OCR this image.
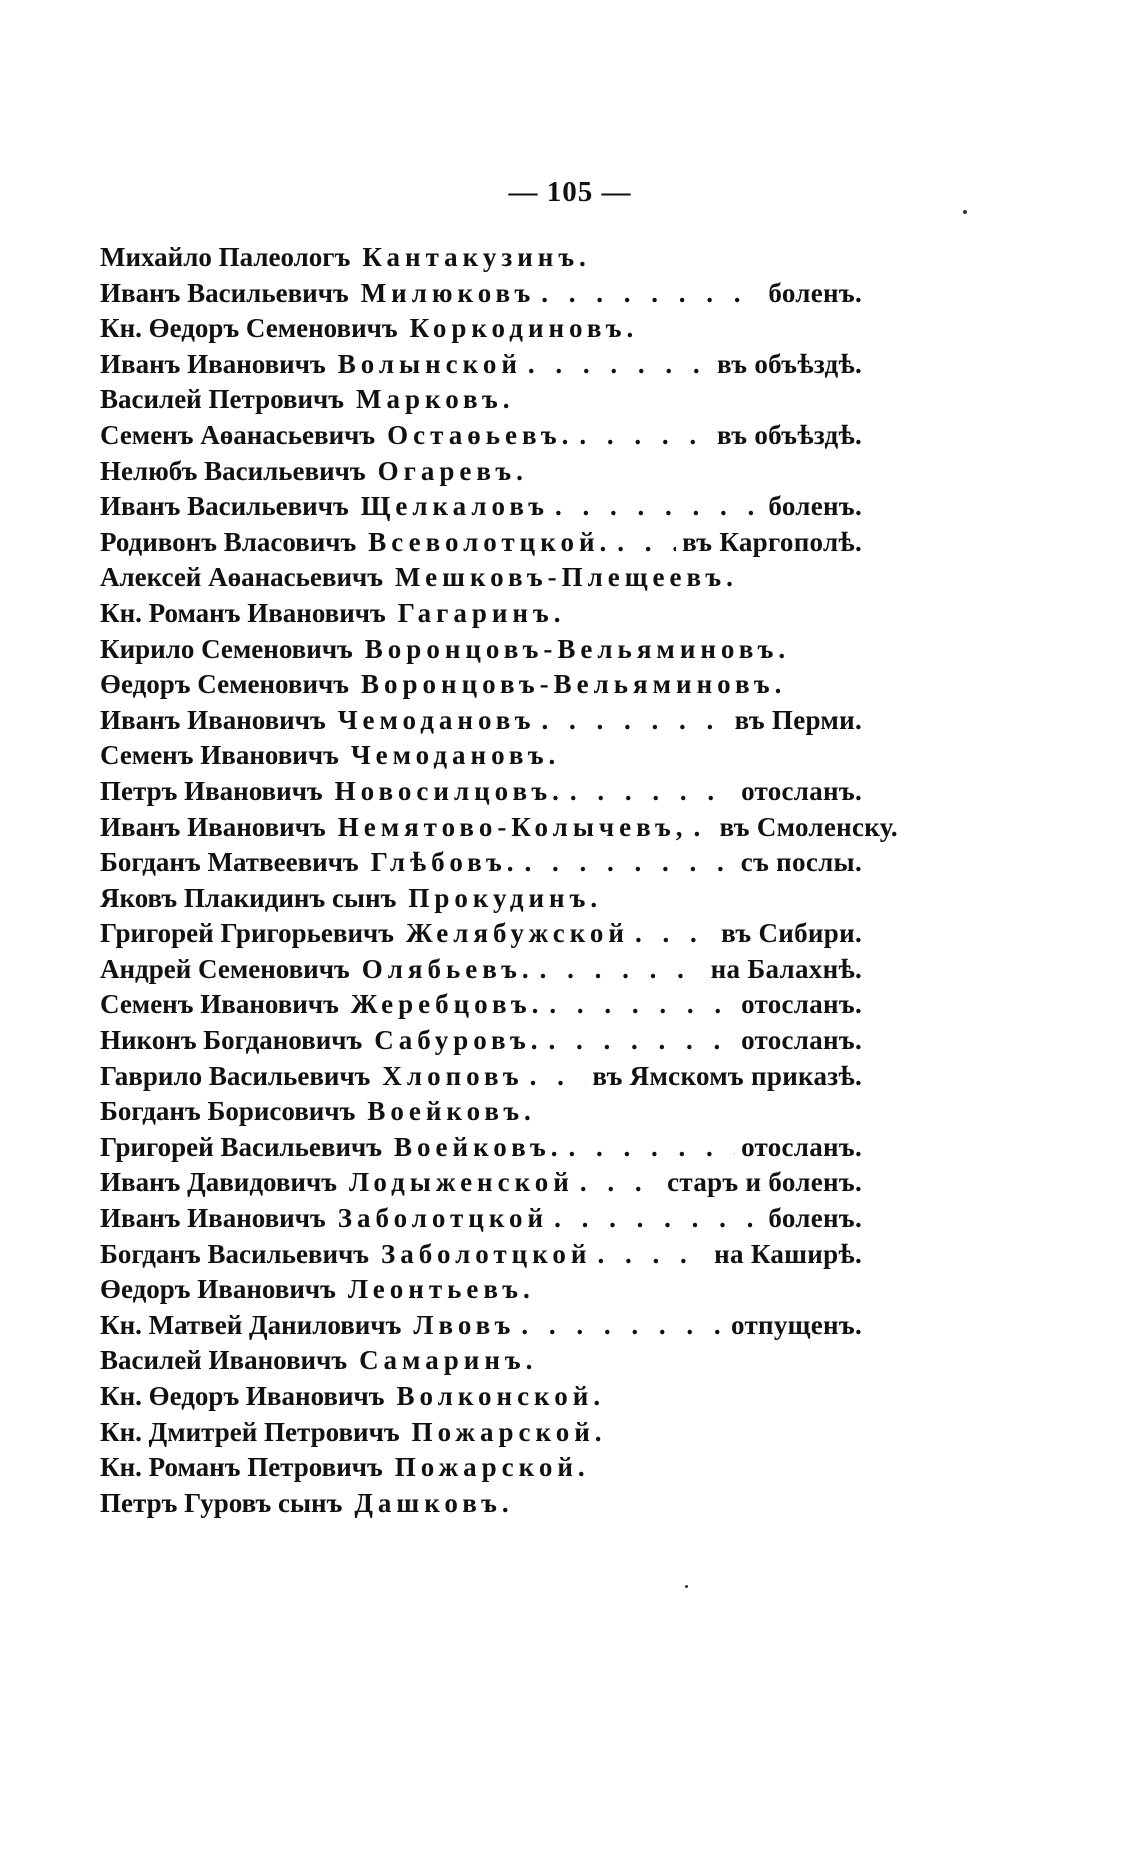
— 105 —
Михайло Палеологъ Кантакузинъ.
Иванъ Васильевичъ Милюковъ . . .	боленъ.
Кн. Өедоръ Семеновичъ Коркодиновъ.
Иванъ Ивановичъ Волынской . . .	въ объѣздѣ.
Василей Петровичъ Марковъ.
Семенъ Аөанасьевичъ Остаөьевъ. . . .	въ объѣздѣ.
Нелюбъ Васильевичъ Огаревъ.
Иванъ Васильевичъ Щелкаловъ . . .	боленъ.
Родивонъ Власовичъ Всеволотцкой. . . .	въ Каргополѣ.
Алексей Аөанасьевичъ Мешковъ-Плещеевъ.
Кн. Романъ Ивановичъ Гагаринъ.
Кирило Семеновичъ Воронцовъ-Вельяминовъ.
Өедоръ Семеновичъ Воронцовъ-Вельяминовъ.
Иванъ Ивановичъ Чемодановъ . . .	въ Перми.
Семенъ Ивановичъ Чемодановъ.
Петръ Ивановичъ Новосилцовъ. . . .	отосланъ.
Иванъ Ивановичъ Немятово-Колычевъ, . . . въ Смоленску.
Богданъ Матвеевичъ Глѣбовъ. . . .	съ послы.
Яковъ Плакидинъ сынъ Прокудинъ.
Григорей Григорьевичъ Желябужской . . .	въ Сибири.
Андрей Семеновичъ Олябьевъ. . . .	на Балахнѣ.
Семенъ Ивановичъ Жеребцовъ. . . .	отосланъ.
Никонъ Богдановичъ Сабуровъ. . . .	отосланъ.
Гаврило Васильевичъ Хлоповъ . . .	въ Ямскомъ приказѣ.
Богданъ Борисовичъ Воейковъ.
Григорей Васильевичъ Воейковъ. . . .	отосланъ.
Иванъ Давидовичъ Лодыженской . . .	старъ и боленъ.
Иванъ Ивановичъ Заболотцкой . . .	боленъ.
Богданъ Васильевичъ Заболотцкой . . .	на Каширѣ.
Өедоръ Ивановичъ Леонтьевъ.
Кн. Матвей Даниловичъ Лвовъ . . .	отпущенъ.
Василей Ивановичъ Самаринъ.
Кн. Өедоръ Ивановичъ Волконской.
Кн. Дмитрей Петровичъ Пожарской.
Кн. Романъ Петровичъ Пожарской.
Петръ Гуровъ сынъ Дашковъ.
